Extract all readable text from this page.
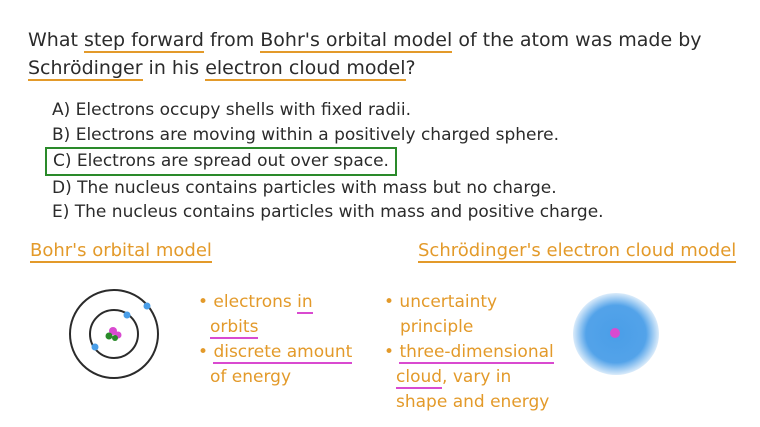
What step forward from Bohr's orbital model of the atom was made by Schrödinger in his electron cloud model?
A) Electrons occupy shells with fixed radii.
B) Electrons are moving within a positively charged sphere.
C) Electrons are spread out over space.
D) The nucleus contains particles with mass but no charge.
E) The nucleus contains particles with mass and positive charge.
Bohr's orbital model	Schrödinger's electron cloud model
• electrons in
orbits
• discrete amount
of energy
• uncertainty
principle
• three-dimensional
cloud, vary in
shape and energy
